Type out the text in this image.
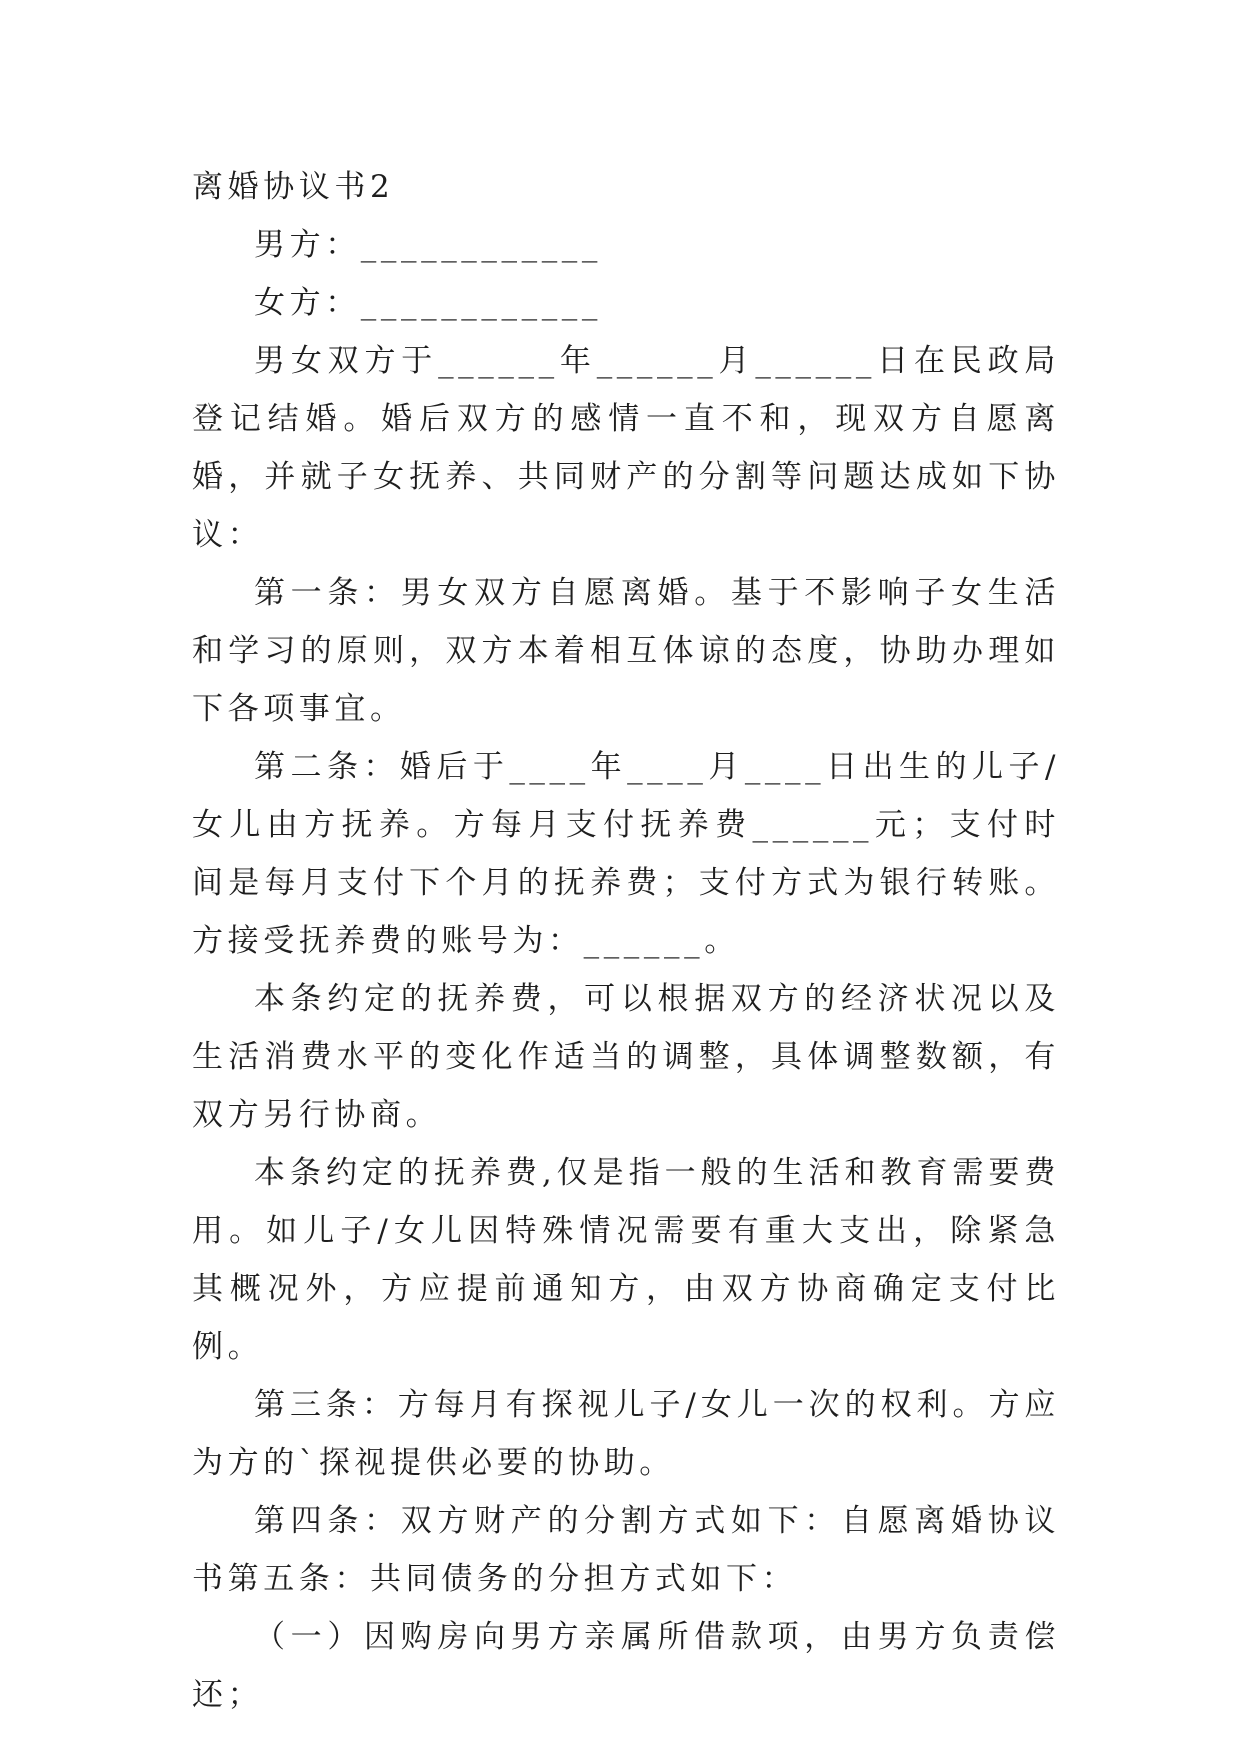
离婚协议书2

男方：____________

女方：____________

男女双方于______年______月______日在民政局登记结婚。婚后双方的感情一直不和，现双方自愿离婚，并就子女抚养、共同财产的分割等问题达成如下协议：

第一条：男女双方自愿离婚。基于不影响子女生活和学习的原则，双方本着相互体谅的态度，协助办理如下各项事宜。

第二条：婚后于____年____月____日出生的儿子/女儿由方抚养。方每月支付抚养费______元；支付时间是每月支付下个月的抚养费；支付方式为银行转账。方接受抚养费的账号为：______。

本条约定的抚养费，可以根据双方的经济状况以及生活消费水平的变化作适当的调整，具体调整数额，有双方另行协商。

本条约定的抚养费,仅是指一般的生活和教育需要费用。如儿子/女儿因特殊情况需要有重大支出，除紧急其概况外，方应提前通知方，由双方协商确定支付比例。

第三条：方每月有探视儿子/女儿一次的权利。方应为方的`探视提供必要的协助。

第四条：双方财产的分割方式如下：自愿离婚协议书第五条：共同债务的分担方式如下：

（一）因购房向男方亲属所借款项，由男方负责偿还；
